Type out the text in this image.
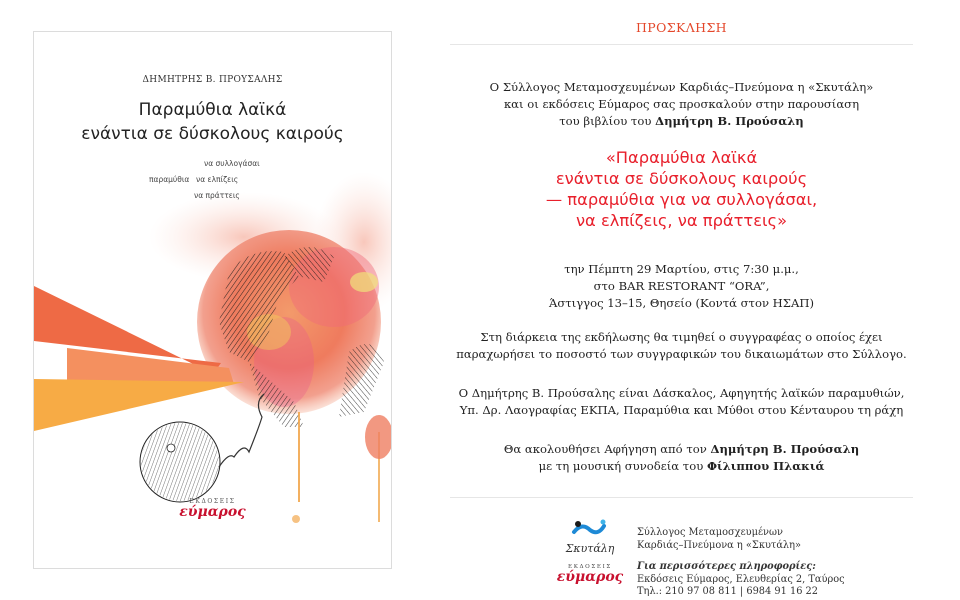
ΔΗΜΗΤΡΗΣ Β. ΠΡΟΥΣΑΛΗΣ
Παραμύθια λαϊκά
ενάντια σε δύσκολους καιρούς
να συλλογάσαι
παραμύθια να ελπίζεις
να πράττεις
ΕΚΔΟΣΕΙΣ
εύμαρος
ΠΡΟΣΚΛΗΣΗ
Ο Σύλλογος Μεταμοσχευμένων Καρδιάς–Πνεύμονα η «Σκυτάλη»
και οι εκδόσεις Εύμαρος σας προσκαλούν στην παρουσίαση
του βιβλίου του Δημήτρη Β. Προύσαλη
«Παραμύθια λαϊκά
ενάντια σε δύσκολους καιρούς
— παραμύθια για να συλλογάσαι,
να ελπίζεις, να πράττεις»
την Πέμπτη 29 Μαρτίου, στις 7:30 μ.μ.,
στο BAR RESTORANT “ORA”,
Άστιγγος 13–15, Θησείο (Κοντά στον ΗΣΑΠ)
Στη διάρκεια της εκδήλωσης θα τιμηθεί ο συγγραφέας ο οποίος έχει
παραχωρήσει το ποσοστό των συγγραφικών του δικαιωμάτων στο Σύλλογο.
Ο Δημήτρης Β. Προύσαλης είναι Δάσκαλος, Αφηγητής λαϊκών παραμυθιών,
Υπ. Δρ. Λαογραφίας ΕΚΠΑ, Παραμύθια και Μύθοι στου Κένταυρου τη ράχη
Θα ακολουθήσει Αφήγηση από τον Δημήτρη Β. Προύσαλη
με τη μουσική συνοδεία του Φίλιππου Πλακιά
Σκυτάλη
ΕΚΔΟΣΕΙΣ
εύμαρος
Σύλλογος Μεταμοσχευμένων
Καρδιάς–Πνεύμονα η «Σκυτάλη»
Για περισσότερες πληροφορίες:
Εκδόσεις Εύμαρος, Ελευθερίας 2, Ταύρος
Τηλ.: 210 97 08 811 | 6984 91 16 22
